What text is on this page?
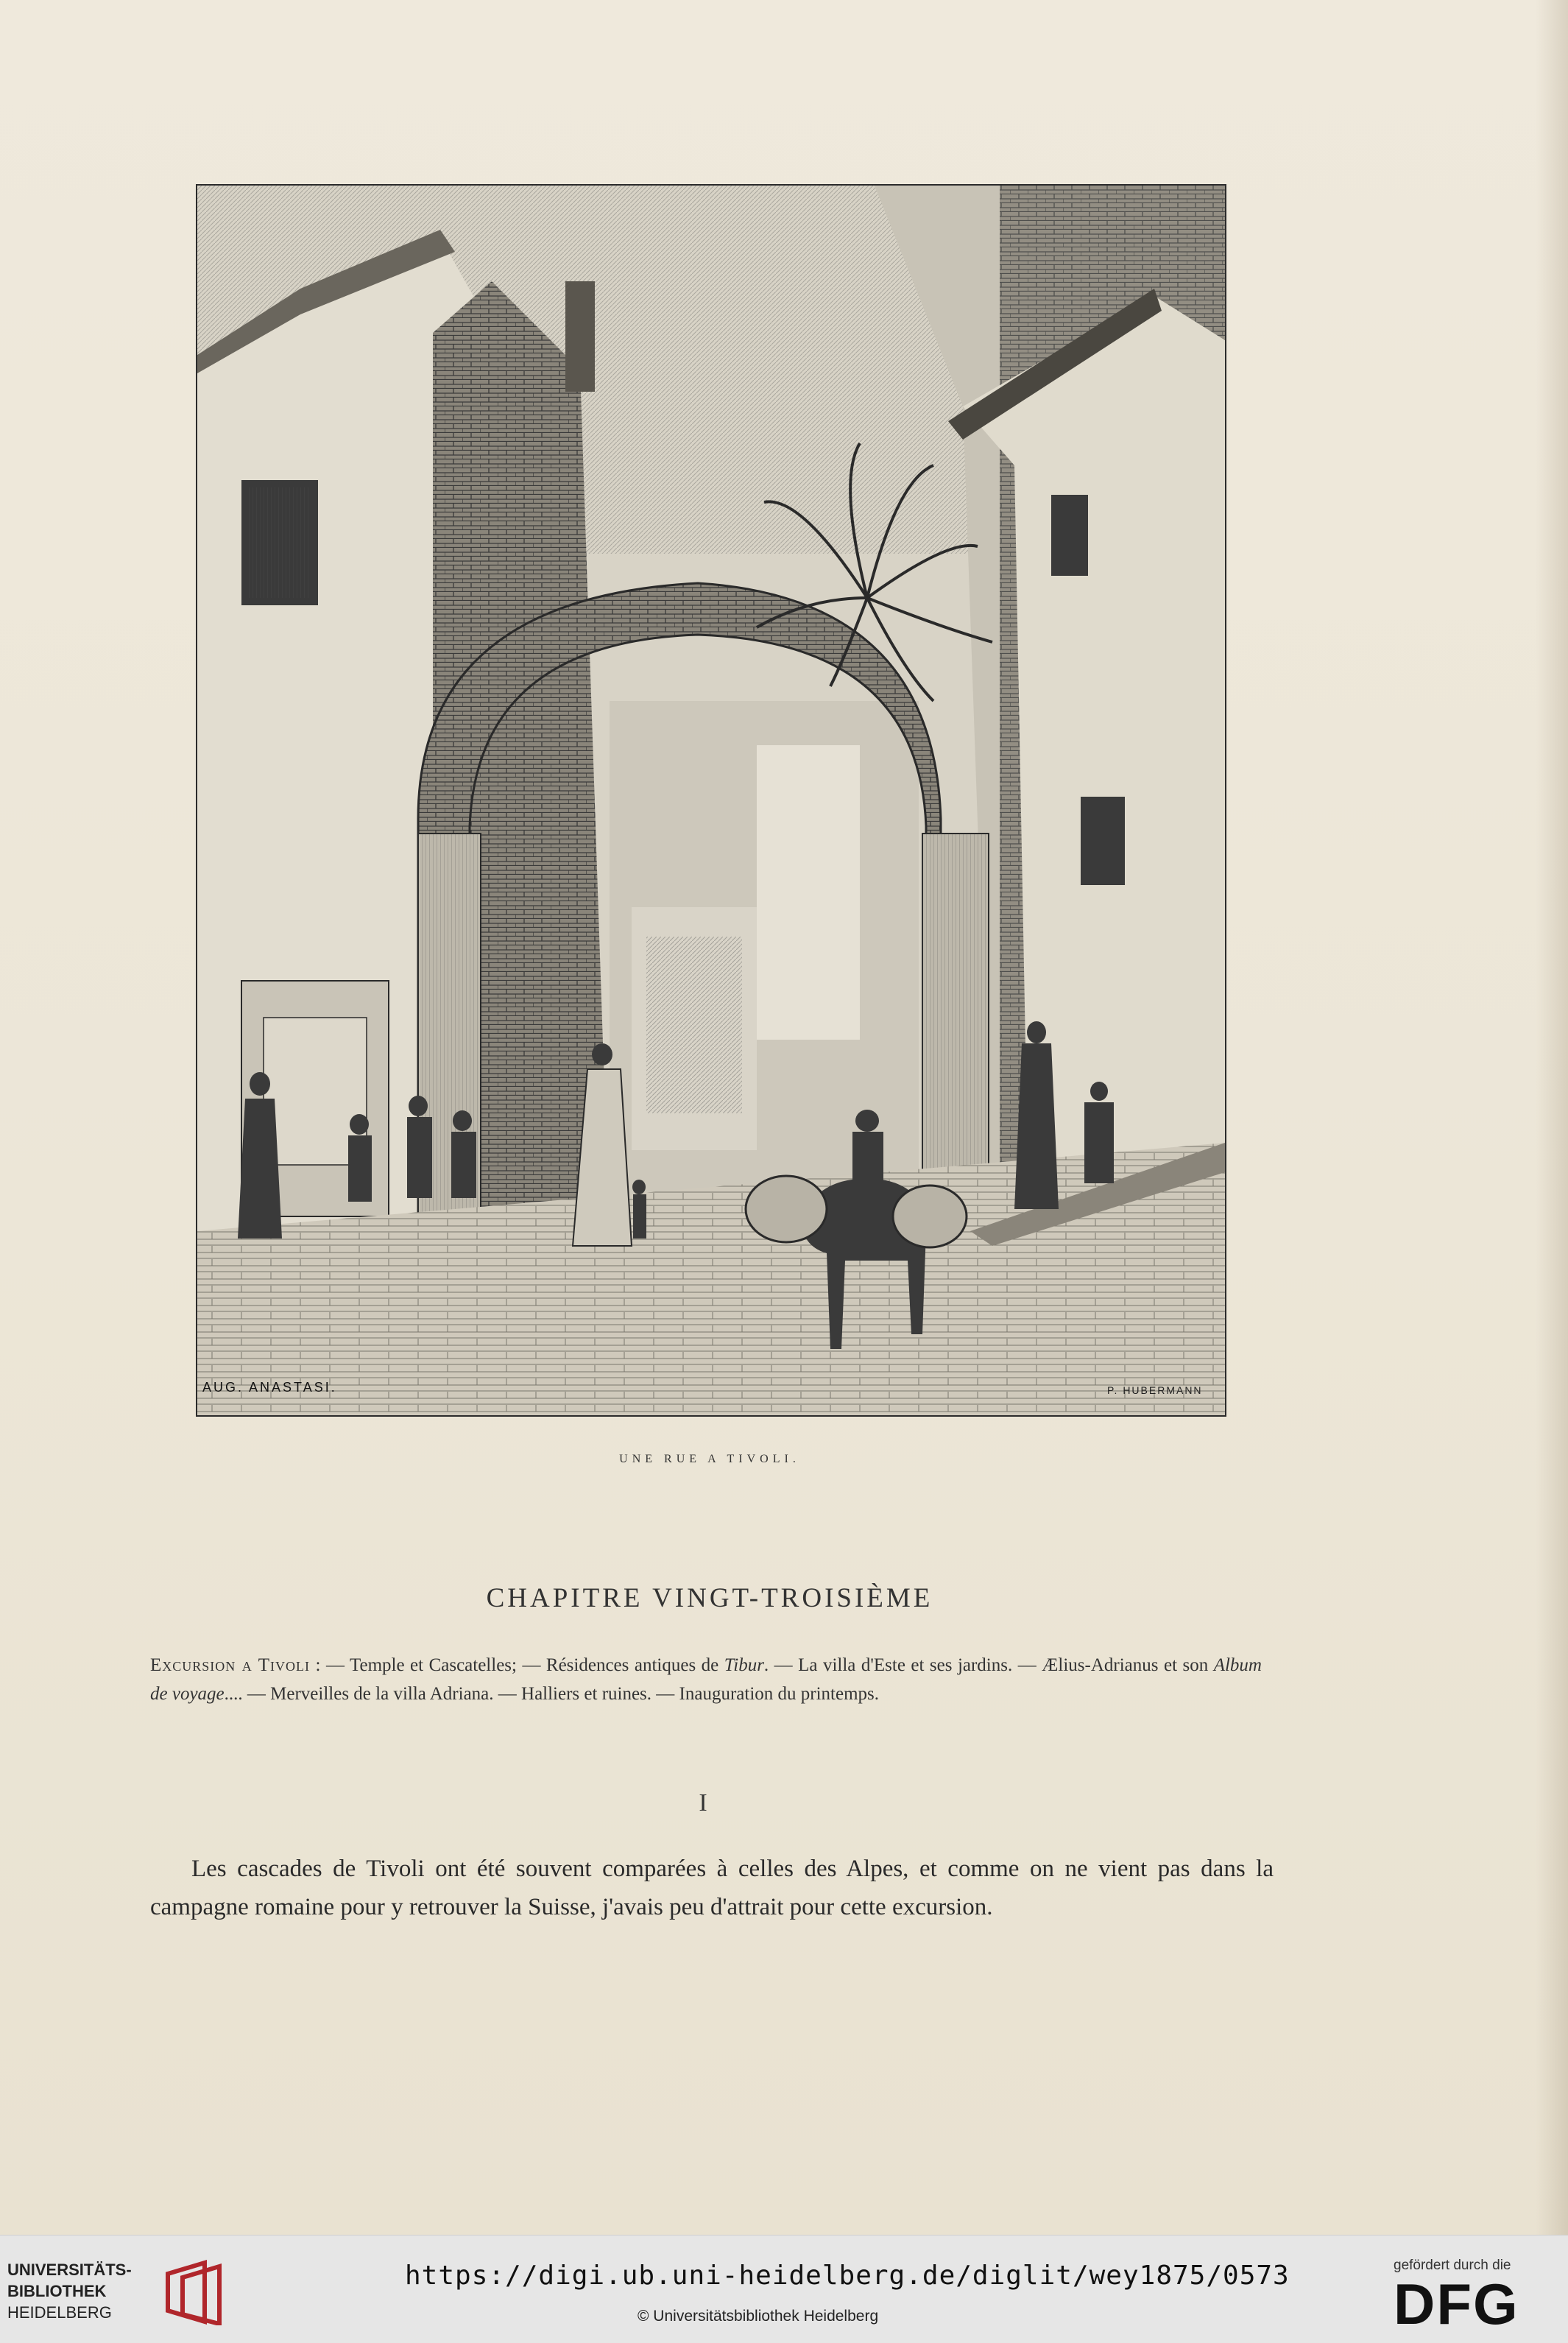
AUG. ANASTASI.	P. HUBERMANN
UNE RUE A TIVOLI.
CHAPITRE VINGT-TROISIÈME
Excursion a Tivoli : — Temple et Cascatelles; — Résidences antiques de Tibur. — La villa d'Este et ses jardins. — Ælius-Adrianus et son Album de voyage.... — Merveilles de la villa Adriana. — Halliers et ruines. — Inauguration du printemps.
I

Les cascades de Tivoli ont été souvent comparées à celles des Alpes, et comme on ne vient pas dans la campagne romaine pour y retrouver la Suisse, j'avais peu d'attrait pour cette excursion.

UNIVERSITÄTS-
BIBLIOTHEK
HEIDELBERG
https://digi.ub.uni-heidelberg.de/diglit/wey1875/0573
© Universitätsbibliothek Heidelberg
gefördert durch die
DFG
